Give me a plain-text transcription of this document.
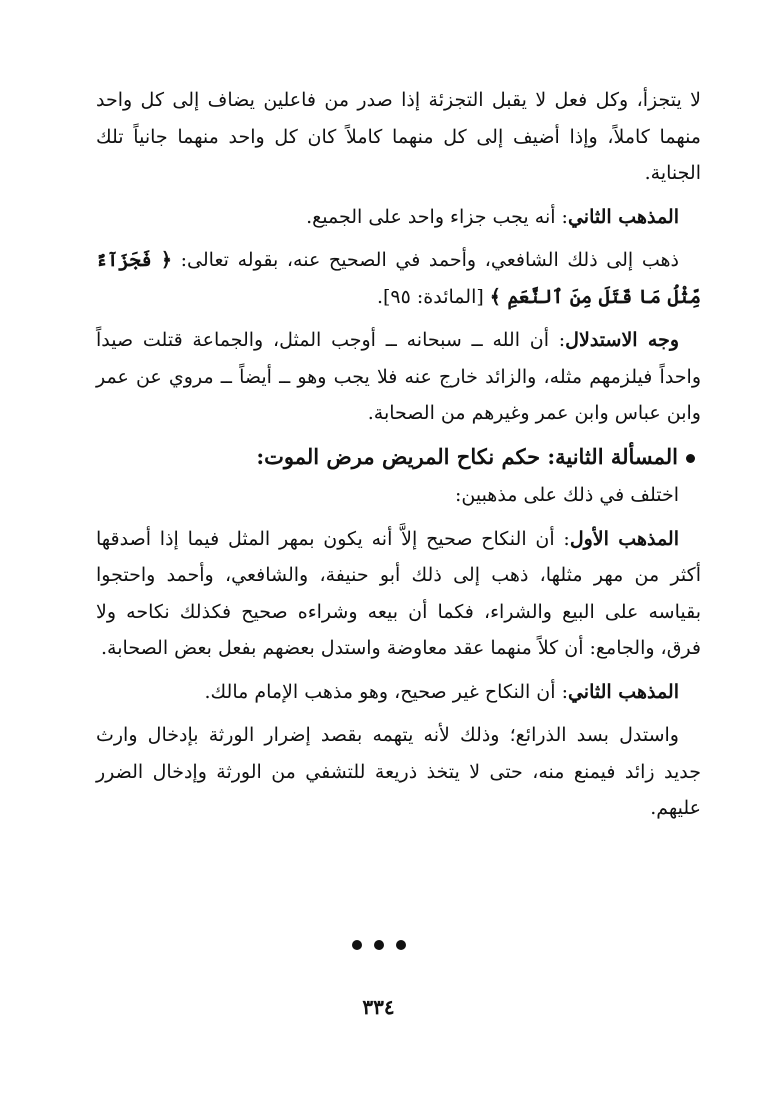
لا يتجزأ، وكل فعل لا يقبل التجزئة إذا صدر من فاعلين يضاف إلى كل واحد منهما كاملاً، وإذا أضيف إلى كل منهما كاملاً كان كل واحد منهما جانياً تلك الجناية.

المذهب الثاني: أنه يجب جزاء واحد على الجميع.

ذهب إلى ذلك الشافعي، وأحمد في الصحيح عنه، بقوله تعالى: ﴿ فَجَزَآءٌ مِّثْلُ مَا قَتَلَ مِنَ ٱلنَّعَمِ ﴾ [المائدة: ٩٥].

وجه الاستدلال: أن الله ــ سبحانه ــ أوجب المثل، والجماعة قتلت صيداً واحداً فيلزمهم مثله، والزائد خارج عنه فلا يجب وهو ــ أيضاً ــ مروي عن عمر وابن عباس وابن عمر وغيرهم من الصحابة.

المسألة الثانية: حكم نكاح المريض مرض الموت:

اختلف في ذلك على مذهبين:

المذهب الأول: أن النكاح صحيح إلاَّ أنه يكون بمهر المثل فيما إذا أصدقها أكثر من مهر مثلها، ذهب إلى ذلك أبو حنيفة، والشافعي، وأحمد واحتجوا بقياسه على البيع والشراء، فكما أن بيعه وشراءه صحيح فكذلك نكاحه ولا فرق، والجامع: أن كلاً منهما عقد معاوضة واستدل بعضهم بفعل بعض الصحابة.

المذهب الثاني: أن النكاح غير صحيح، وهو مذهب الإمام مالك.

واستدل بسد الذرائع؛ وذلك لأنه يتهمه بقصد إضرار الورثة بإدخال وارث جديد زائد فيمنع منه، حتى لا يتخذ ذريعة للتشفي من الورثة وإدخال الضرر عليهم.

٣٣٤
